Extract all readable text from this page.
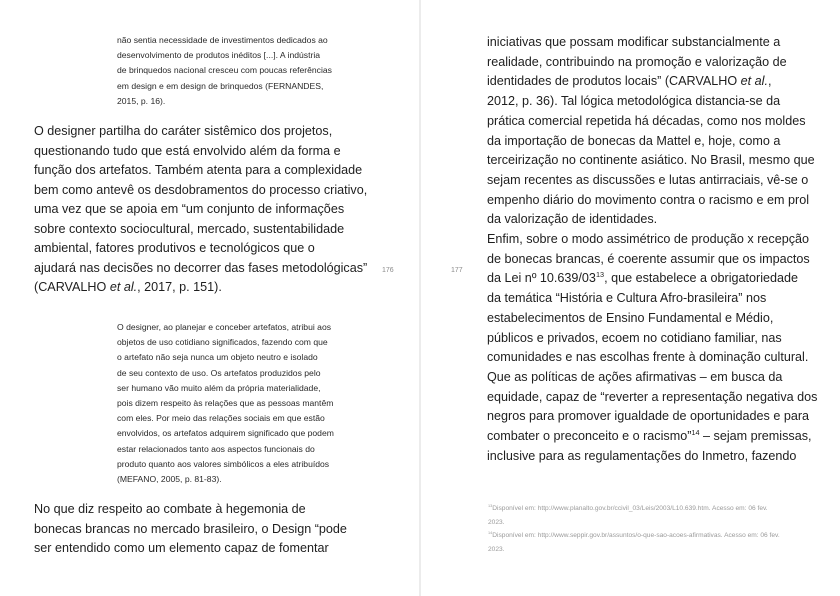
não sentia necessidade de investimentos dedicados ao
desenvolvimento de produtos inéditos [...]. A indústria
de brinquedos nacional cresceu com poucas referências
em design e em design de brinquedos (FERNANDES,
2015, p. 16).
O designer partilha do caráter sistêmico dos projetos,
questionando tudo que está envolvido além da forma e
função dos artefatos. Também atenta para a complexidade
bem como antevê os desdobramentos do processo criativo,
uma vez que se apoia em “um conjunto de informações
sobre contexto sociocultural, mercado, sustentabilidade
ambiental, fatores produtivos e tecnológicos que o
ajudará nas decisões no decorrer das fases metodológicas”
(CARVALHO et al., 2017, p. 151).
O designer, ao planejar e conceber artefatos, atribui aos
objetos de uso cotidiano significados, fazendo com que
o artefato não seja nunca um objeto neutro e isolado
de seu contexto de uso. Os artefatos produzidos pelo
ser humano vão muito além da própria materialidade,
pois dizem respeito às relações que as pessoas mantêm
com eles. Por meio das relações sociais em que estão
envolvidos, os artefatos adquirem significado que podem
estar relacionados tanto aos aspectos funcionais do
produto quanto aos valores simbólicos a eles atribuídos
(MEFANO, 2005, p. 81-83).
No que diz respeito ao combate à hegemonia de
bonecas brancas no mercado brasileiro, o Design “pode
ser entendido como um elemento capaz de fomentar
176	177
iniciativas que possam modificar substancialmente a
realidade, contribuindo na promoção e valorização de
identidades de produtos locais” (CARVALHO et al.,
2012, p. 36). Tal lógica metodológica distancia-se da
prática comercial repetida há décadas, como nos moldes
da importação de bonecas da Mattel e, hoje, como a
terceirização no continente asiático. No Brasil, mesmo que
sejam recentes as discussões e lutas antirraciais, vê-se o
empenho diário do movimento contra o racismo e em prol
da valorização de identidades.
Enfim, sobre o modo assimétrico de produção x recepção
de bonecas brancas, é coerente assumir que os impactos
da Lei nº $10.639/03^{13}$, que estabelece a obrigatoriedade
da temática “História e Cultura Afro-brasileira” nos
estabelecimentos de Ensino Fundamental e Médio,
públicos e privados, ecoem no cotidiano familiar, nas
comunidades e nas escolhas frente à dominação cultural.
Que as políticas de ações afirmativas – em busca da
equidade, capaz de “reverter a representação negativa dos
negros para promover igualdade de oportunidades e para
combater o preconceito e o racismo”$^{14}$ – sejam premissas,
inclusive para as regulamentações do Inmetro, fazendo
$^{13}$Disponível em: http://www.planalto.gov.br/ccivil_03/Leis/2003/L10.639.htm. Acesso em: 06 fev.
2023.
$^{14}$Disponível em: http://www.seppir.gov.br/assuntos/o-que-sao-acoes-afirmativas. Acesso em: 06 fev.
2023.
